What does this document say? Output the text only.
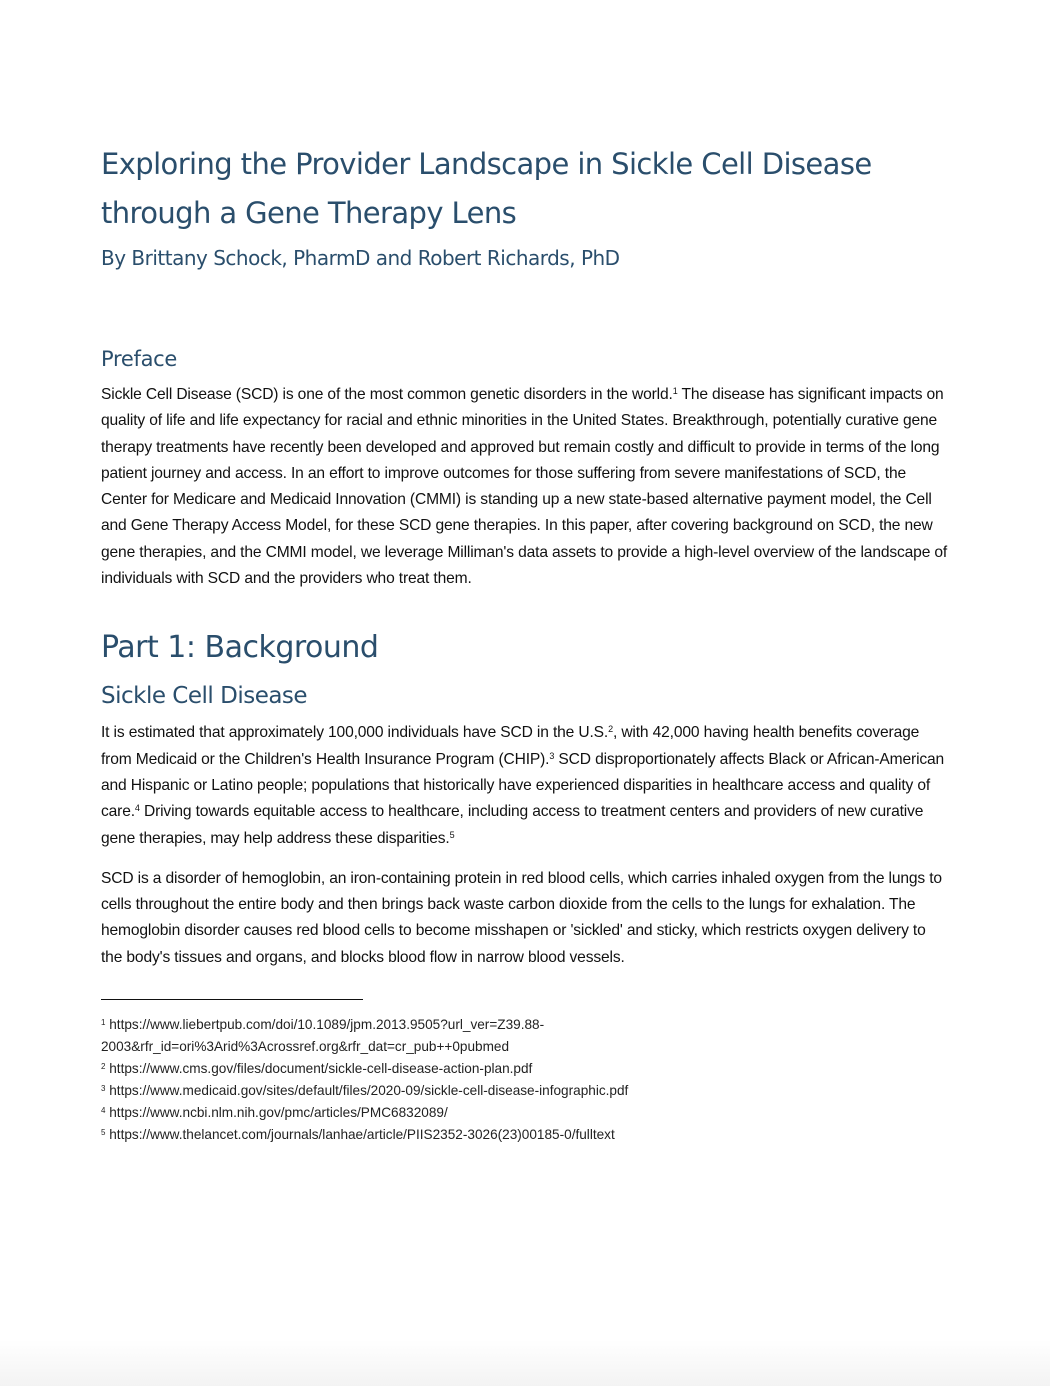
Exploring the Provider Landscape in Sickle Cell Disease
through a Gene Therapy Lens

By Brittany Schock, PharmD and Robert Richards, PhD

Preface

Sickle Cell Disease (SCD) is one of the most common genetic disorders in the world.$^1$ The disease has significant impacts on quality of life and life expectancy for racial and ethnic minorities in the United States. Breakthrough, potentially curative gene therapy treatments have recently been developed and approved but remain costly and difficult to provide in terms of the long patient journey and access. In an effort to improve outcomes for those suffering from severe manifestations of SCD, the Center for Medicare and Medicaid Innovation (CMMI) is standing up a new state-based alternative payment model, the Cell and Gene Therapy Access Model, for these SCD gene therapies. In this paper, after covering background on SCD, the new gene therapies, and the CMMI model, we leverage Milliman's data assets to provide a high-level overview of the landscape of individuals with SCD and the providers who treat them.

Part 1: Background
Sickle Cell Disease

It is estimated that approximately 100,000 individuals have SCD in the U.S.$^2$, with 42,000 having health benefits coverage from Medicaid or the Children's Health Insurance Program (CHIP).$^3$ SCD disproportionately affects Black or African-American and Hispanic or Latino people; populations that historically have experienced disparities in healthcare access and quality of care.$^4$ Driving towards equitable access to healthcare, including access to treatment centers and providers of new curative gene therapies, may help address these disparities.$^5$

SCD is a disorder of hemoglobin, an iron-containing protein in red blood cells, which carries inhaled oxygen from the lungs to cells throughout the entire body and then brings back waste carbon dioxide from the cells to the lungs for exhalation. The hemoglobin disorder causes red blood cells to become misshapen or 'sickled' and sticky, which restricts oxygen delivery to the body's tissues and organs, and blocks blood flow in narrow blood vessels.

$^1$ https://www.liebertpub.com/doi/10.1089/jpm.2013.9505?url_ver=Z39.88-
2003&rfr_id=ori%3Arid%3Acrossref.org&rfr_dat=cr_pub++0pubmed

$^2$ https://www.cms.gov/files/document/sickle-cell-disease-action-plan.pdf

$^3$ https://www.medicaid.gov/sites/default/files/2020-09/sickle-cell-disease-infographic.pdf

$^4$ https://www.ncbi.nlm.nih.gov/pmc/articles/PMC6832089/

$^5$ https://www.thelancet.com/journals/lanhae/article/PIIS2352-3026(23)00185-0/fulltext
